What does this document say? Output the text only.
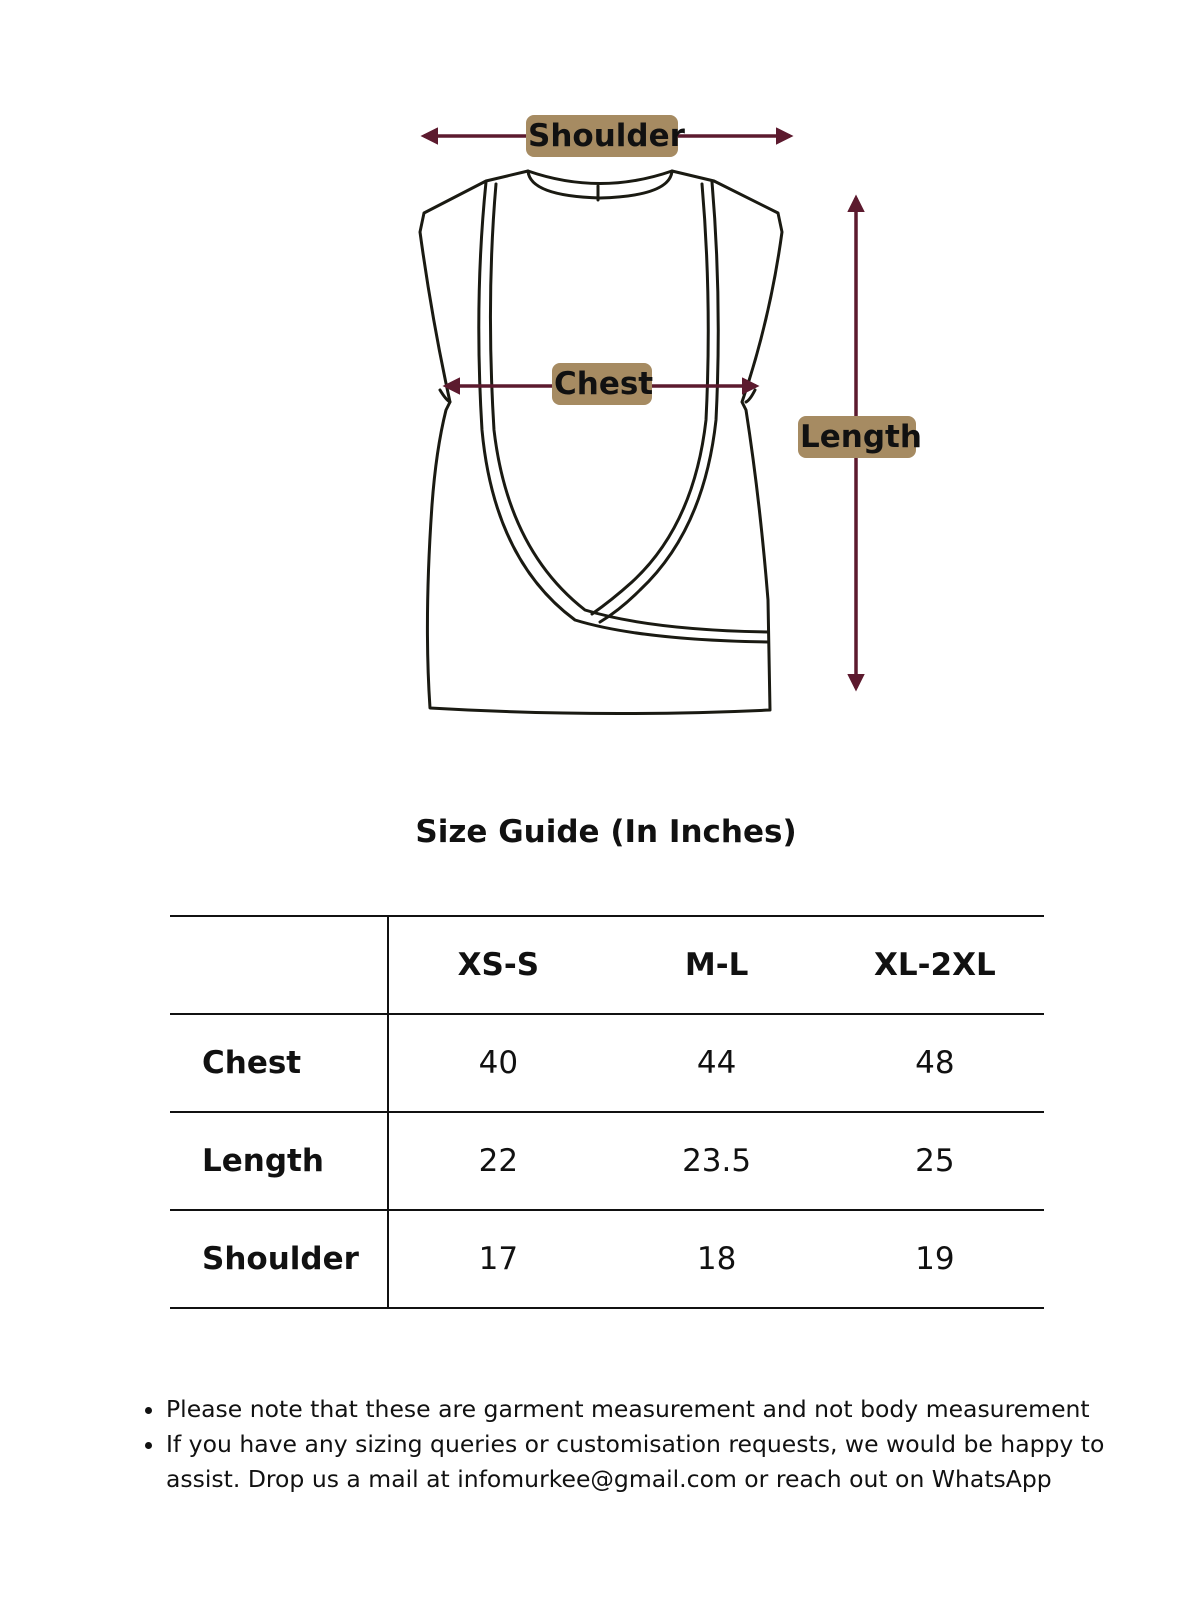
Shoulder
Chest
Length
Size Guide (In Inches)
	XS-S	M-L	XL-2XL
Chest	40	44	48
Length	22	23.5	25
Shoulder	17	18	19
• Please note that these are garment measurement and not body measurement
• If you have any sizing queries or customisation requests, we would be happy to assist. Drop us a mail at infomurkee@gmail.com or reach out on WhatsApp
